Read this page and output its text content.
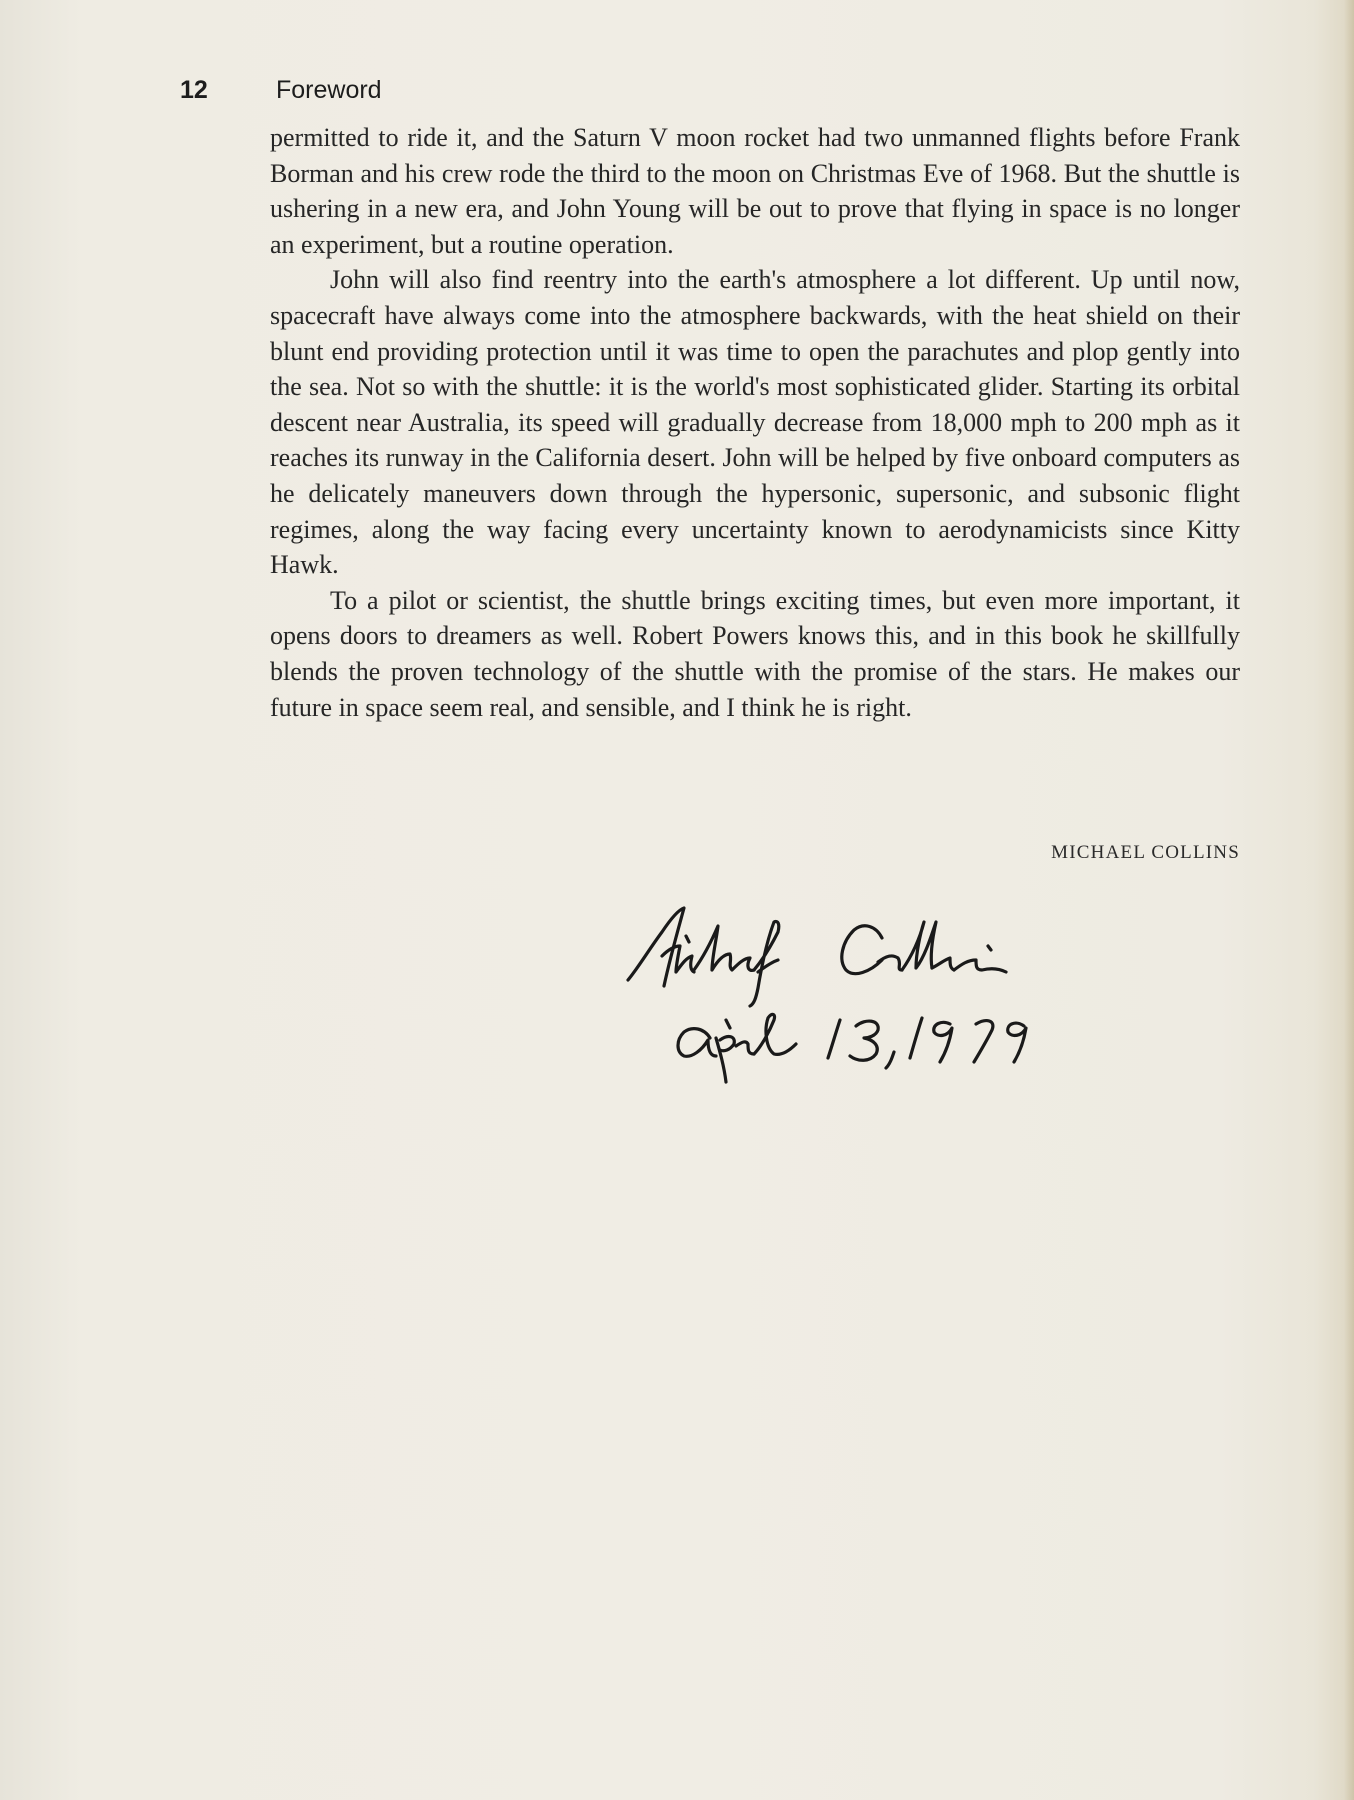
12	Foreword

permitted to ride it, and the Saturn V moon rocket had two unmanned flights before Frank Borman and his crew rode the third to the moon on Christmas Eve of 1968. But the shuttle is ushering in a new era, and John Young will be out to prove that flying in space is no longer an experiment, but a routine operation.

John will also find reentry into the earth's atmosphere a lot different. Up until now, spacecraft have always come into the atmosphere backwards, with the heat shield on their blunt end providing protection until it was time to open the parachutes and plop gently into the sea. Not so with the shuttle: it is the world's most sophisticated glider. Starting its orbital descent near Australia, its speed will gradually decrease from 18,000 mph to 200 mph as it reaches its runway in the California desert. John will be helped by five onboard computers as he delicately maneuvers down through the hypersonic, supersonic, and subsonic flight regimes, along the way facing every uncertainty known to aerodynamicists since Kitty Hawk.

To a pilot or scientist, the shuttle brings exciting times, but even more important, it opens doors to dreamers as well. Robert Powers knows this, and in this book he skillfully blends the proven technology of the shuttle with the promise of the stars. He makes our future in space seem real, and sensible, and I think he is right.

MICHAEL COLLINS
